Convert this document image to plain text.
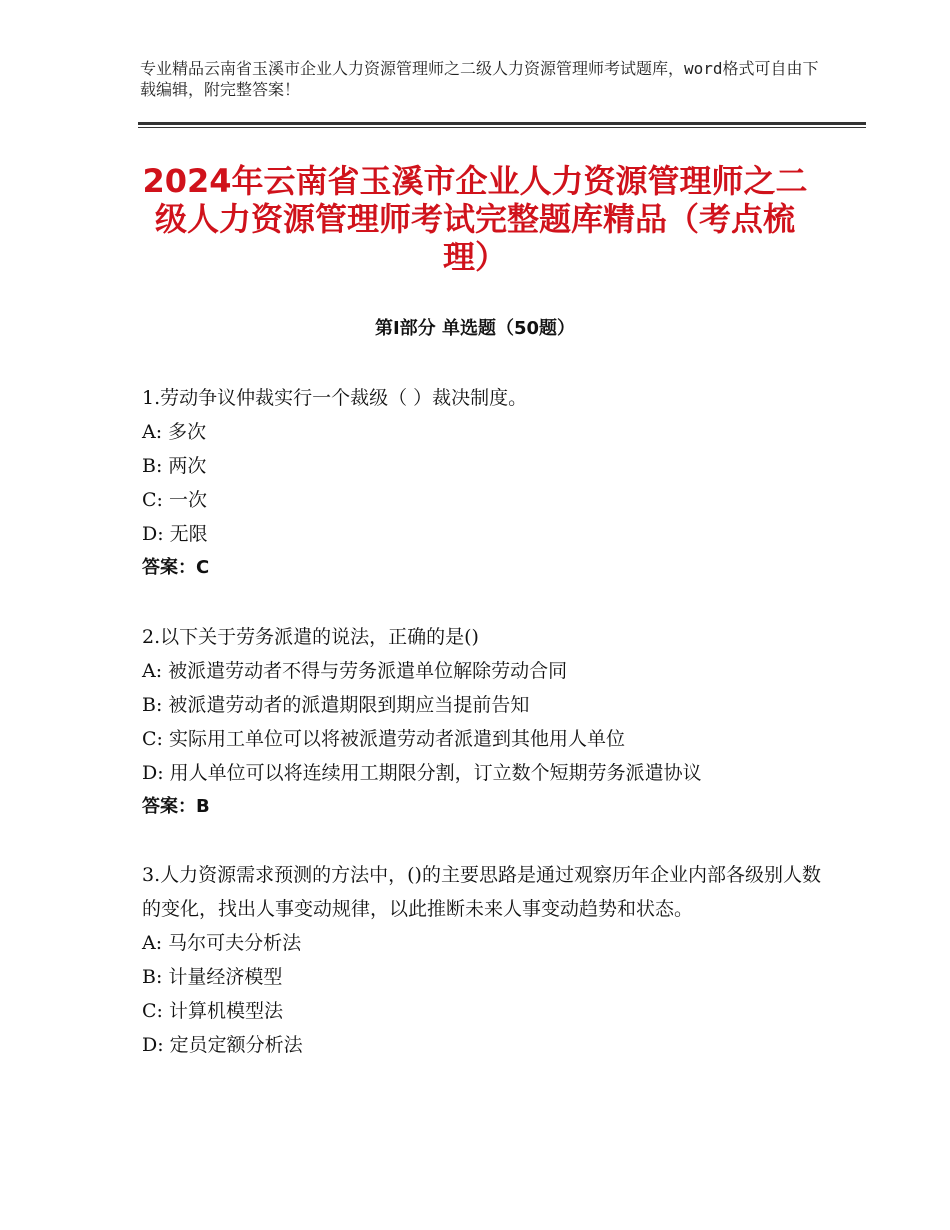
专业精品云南省玉溪市企业人力资源管理师之二级人力资源管理师考试题库，word格式可自由下载编辑，附完整答案！
2024年云南省玉溪市企业人力资源管理师之二级人力资源管理师考试完整题库精品（考点梳理）
第Ⅰ部分 单选题（50题）

1.劳动争议仲裁实行一个裁级（ ）裁决制度。

A: 多次

B: 两次

C: 一次

D: 无限

答案：C

2.以下关于劳务派遣的说法，正确的是()

A: 被派遣劳动者不得与劳务派遣单位解除劳动合同

B: 被派遣劳动者的派遣期限到期应当提前告知

C: 实际用工单位可以将被派遣劳动者派遣到其他用人单位

D: 用人单位可以将连续用工期限分割，订立数个短期劳务派遣协议

答案：B

3.人力资源需求预测的方法中，()的主要思路是通过观察历年企业内部各级别人数的变化，找出人事变动规律，以此推断未来人事变动趋势和状态。

A: 马尔可夫分析法

B: 计量经济模型

C: 计算机模型法

D: 定员定额分析法
